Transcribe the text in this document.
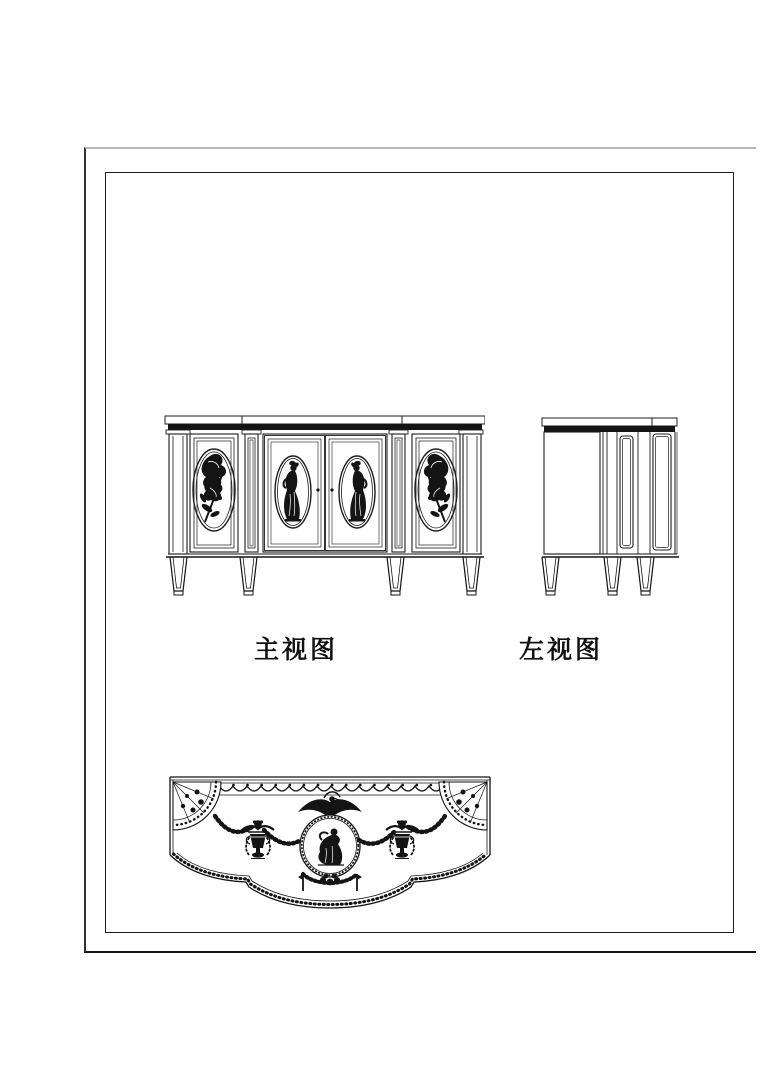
主视图	左视图
